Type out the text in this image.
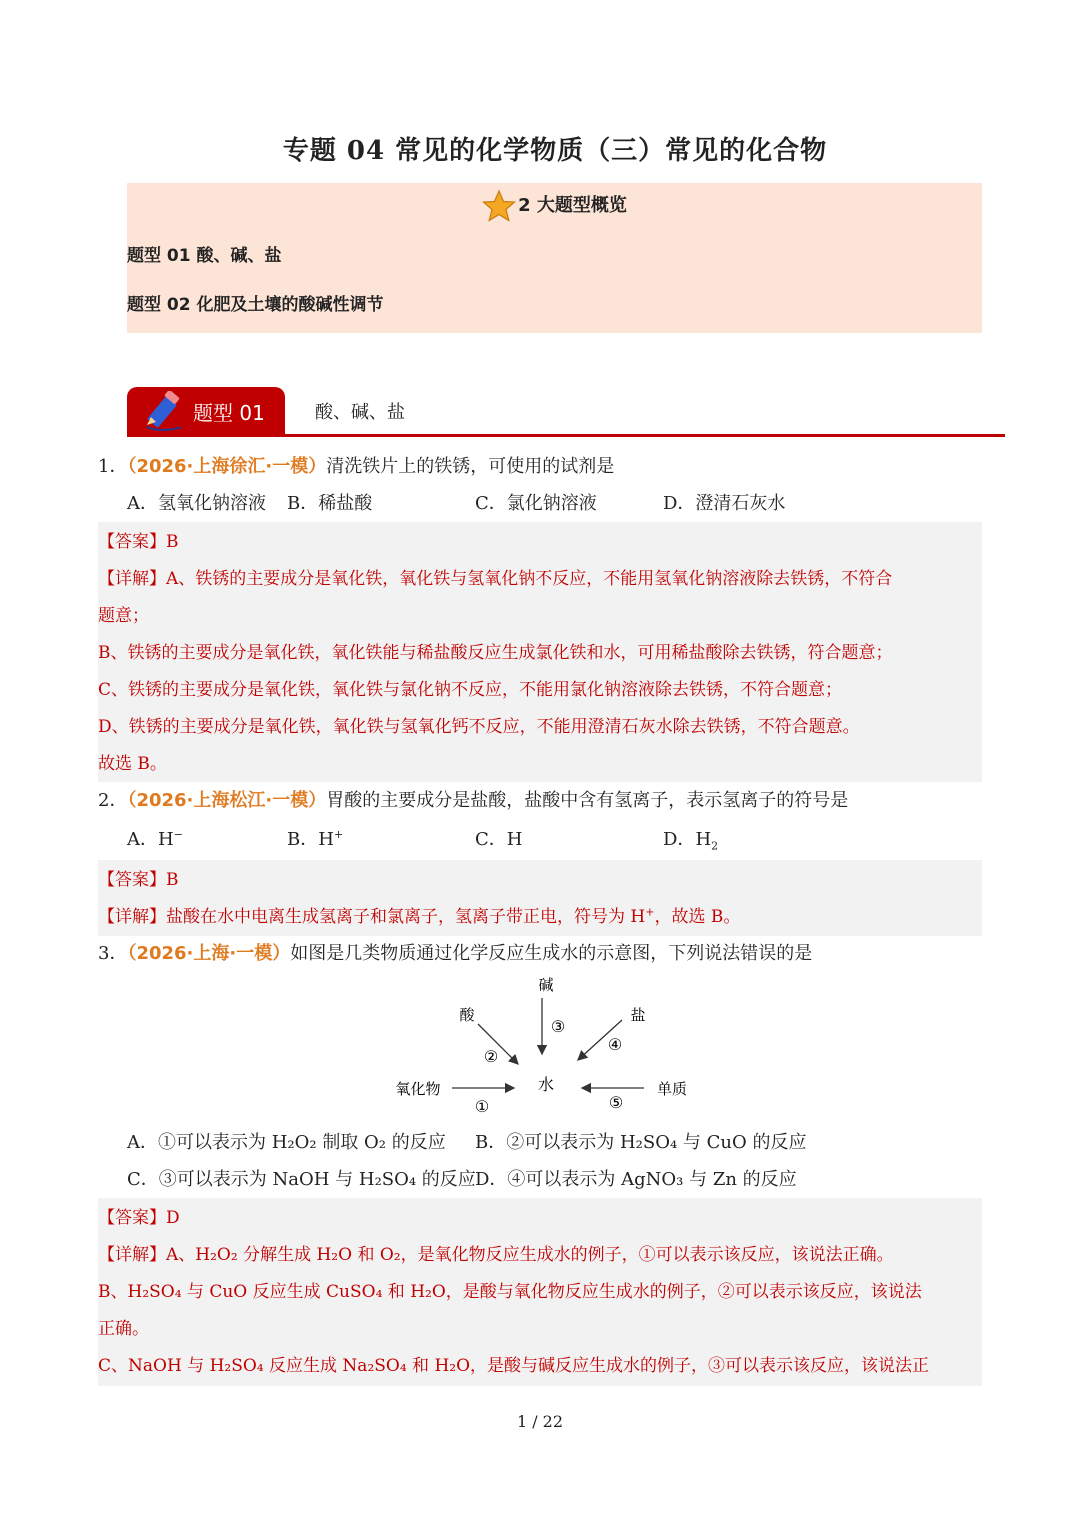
专题 04 常见的化学物质（三）常见的化合物
2 大题型概览
题型 01 酸、碱、盐
题型 02 化肥及土壤的酸碱性调节
题型 01	酸、碱、盐
1．（2026·上海徐汇·一模）清洗铁片上的铁锈，可使用的试剂是
A．氢氧化钠溶液 B．稀盐酸	C．氯化钠溶液	D．澄清石灰水
【答案】B
【详解】A、铁锈的主要成分是氧化铁，氧化铁与氢氧化钠不反应，不能用氢氧化钠溶液除去铁锈，不符合
题意；
B、铁锈的主要成分是氧化铁，氧化铁能与稀盐酸反应生成氯化铁和水，可用稀盐酸除去铁锈，符合题意；
C、铁锈的主要成分是氧化铁，氧化铁与氯化钠不反应，不能用氯化钠溶液除去铁锈，不符合题意；
D、铁锈的主要成分是氧化铁，氧化铁与氢氧化钙不反应，不能用澄清石灰水除去铁锈，不符合题意。
故选 B。
2．（2026·上海松江·一模）胃酸的主要成分是盐酸，盐酸中含有氢离子，表示氢离子的符号是
A．H−	B．H+	C．H	D．$H_2$
【答案】B
【详解】盐酸在水中电离生成氢离子和氯离子，氢离子带正电，符号为 H+，故选 B。
3．（2026·上海·一模）如图是几类物质通过化学反应生成水的示意图，下列说法错误的是
水
碱
酸	盐
氧化物	单质
①
②
③
④
⑤
A．①可以表示为 H₂O₂ 制取 O₂ 的反应 B．②可以表示为 H₂SO₄ 与 CuO 的反应
C．③可以表示为 NaOH 与 H₂SO₄ 的反应 D．④可以表示为 AgNO₃ 与 Zn 的反应
【答案】D
【详解】A、H₂O₂ 分解生成 H₂O 和 O₂，是氧化物反应生成水的例子，①可以表示该反应，该说法正确。
B、H₂SO₄ 与 CuO 反应生成 CuSO₄ 和 H₂O，是酸与氧化物反应生成水的例子，②可以表示该反应，该说法
正确。
C、NaOH 与 H₂SO₄ 反应生成 Na₂SO₄ 和 H₂O，是酸与碱反应生成水的例子，③可以表示该反应，该说法正
1 / 22
